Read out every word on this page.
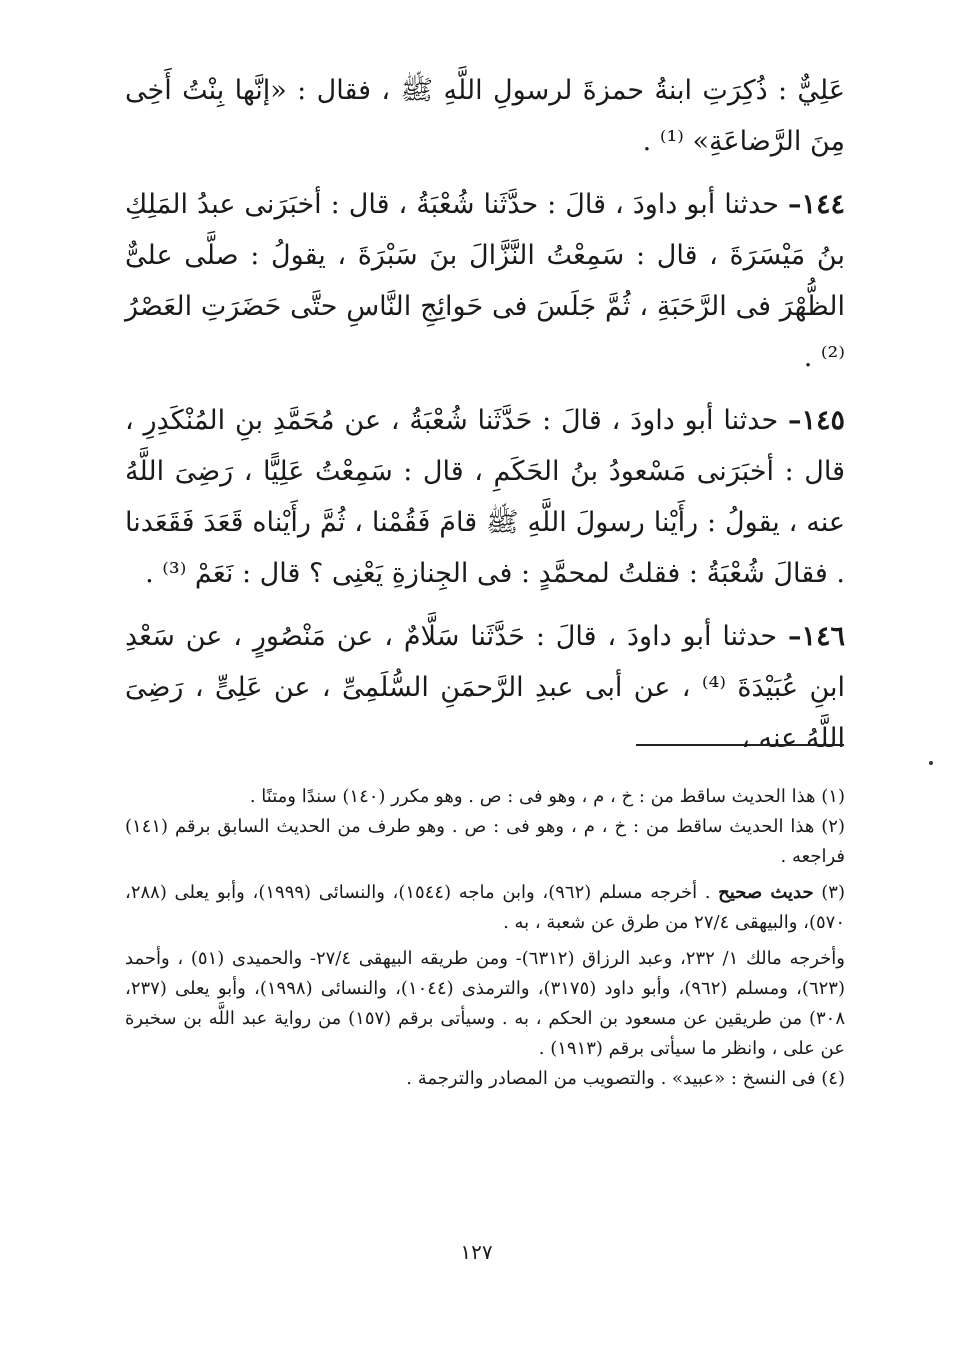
عَلِيٌّ : ذُكِرَتِ ابنةُ حمزةَ لرسولِ اللَّهِ ﷺ ، فقال : «إنَّها بِنْتُ أَخِى مِنَ الرَّضاعَةِ» ⁽¹⁾ .

١٤٤– حدثنا أبو داودَ ، قالَ : حدَّثَنا شُعْبَةُ ، قال : أخبَرَنى عبدُ المَلِكِ بنُ مَيْسَرَةَ ، قال : سَمِعْتُ النَّزَّالَ بنَ سَبْرَةَ ، يقولُ : صلَّى علىٌّ الظُّهْرَ فى الرَّحَبَةِ ، ثُمَّ جَلَسَ فى حَوائِجِ النَّاسِ حتَّى حَضَرَتِ العَصْرُ ⁽²⁾ .

١٤٥– حدثنا أبو داودَ ، قالَ : حَدَّثَنا شُعْبَةُ ، عن مُحَمَّدِ بنِ المُنْكَدِرِ ، قال : أخبَرَنى مَسْعودُ بنُ الحَكَمِ ، قال : سَمِعْتُ عَلِيًّا ، رَضِىَ اللَّهُ عنه ، يقولُ : رأَيْنا رسولَ اللَّهِ ﷺ قامَ فَقُمْنا ، ثُمَّ رأَيْناه قَعَدَ فَقَعَدنا . فقالَ شُعْبَةُ : فقلتُ لمحمَّدٍ : فى الجِنازةِ يَعْنِى ؟ قال : نَعَمْ ⁽³⁾ .

١٤٦– حدثنا أبو داودَ ، قالَ : حَدَّثَنا سَلَّامٌ ، عن مَنْصُورٍ ، عن سَعْدِ ابنِ عُبَيْدَةَ ⁽⁴⁾ ، عن أبى عبدِ الرَّحمَنِ السُّلَمِىِّ ، عن عَلِىٍّ ، رَضِىَ اللَّهُ عنه ،

(١) هذا الحديث ساقط من : خ ، م ، وهو فى : ص . وهو مكرر (١٤٠) سندًا ومتنًا .

(٢) هذا الحديث ساقط من : خ ، م ، وهو فى : ص . وهو طرف من الحديث السابق برقم (١٤١) فراجعه .

(٣) حديث صحيح . أخرجه مسلم (٩٦٢)، وابن ماجه (١٥٤٤)، والنسائى (١٩٩٩)، وأبو يعلى (٢٨٨، ٥٧٠)، والبيهقى ٢٧/٤ من طرق عن شعبة ، به .

وأخرجه مالك ١/ ٢٣٢، وعبد الرزاق (٦٣١٢)- ومن طريقه البيهقى ٢٧/٤- والحميدى (٥١) ، وأحمد (٦٢٣)، ومسلم (٩٦٢)، وأبو داود (٣١٧٥)، والترمذى (١٠٤٤)، والنسائى (١٩٩٨)، وأبو يعلى (٢٣٧، ٣٠٨) من طريقين عن مسعود بن الحكم ، به . وسيأتى برقم (١٥٧) من رواية عبد اللَّه بن سخبرة عن على ، وانظر ما سيأتى برقم (١٩١٣) .

(٤) فى النسخ : «عبيد» . والتصويب من المصادر والترجمة .

١٢٧
